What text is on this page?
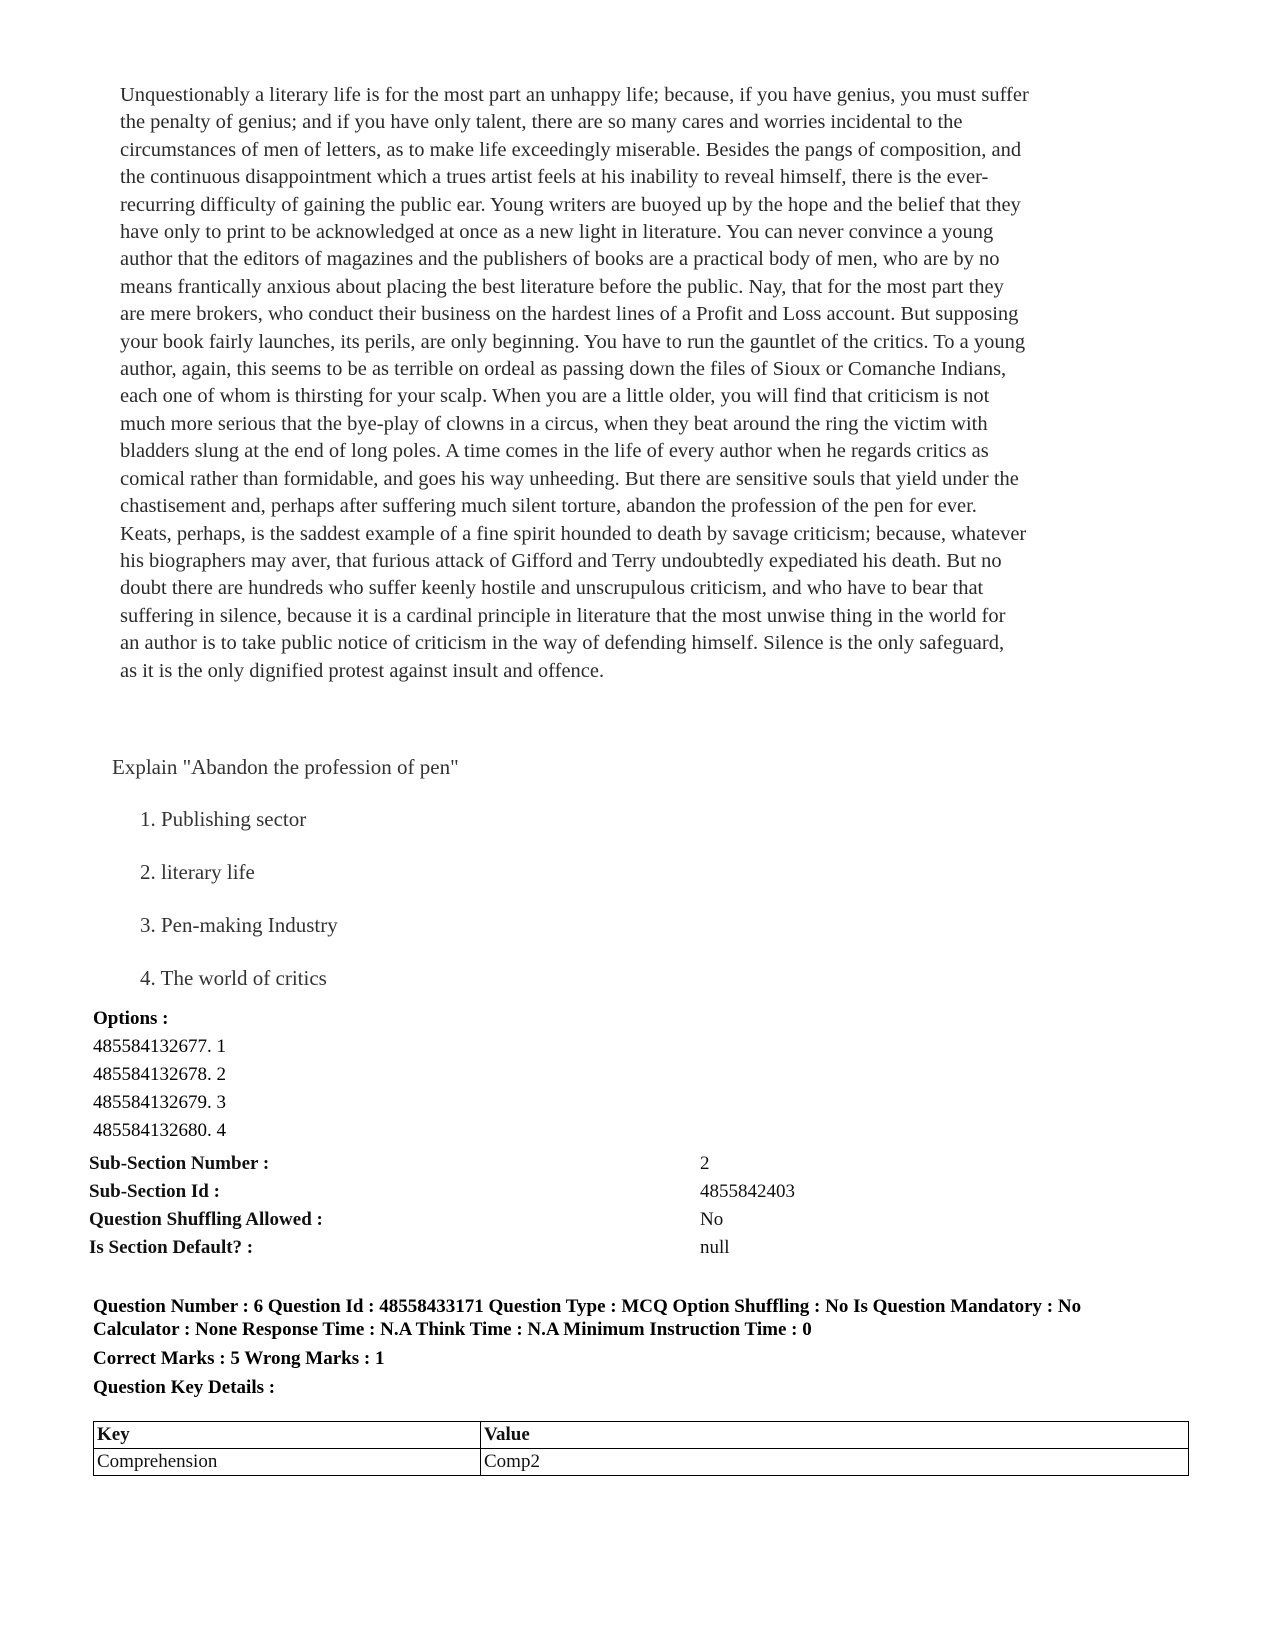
Unquestionably a literary life is for the most part an unhappy life; because, if you have genius, you must suffer
the penalty of genius; and if you have only talent, there are so many cares and worries incidental to the
circumstances of men of letters, as to make life exceedingly miserable. Besides the pangs of composition, and
the continuous disappointment which a trues artist feels at his inability to reveal himself, there is the ever-
recurring difficulty of gaining the public ear. Young writers are buoyed up by the hope and the belief that they
have only to print to be acknowledged at once as a new light in literature. You can never convince a young
author that the editors of magazines and the publishers of books are a practical body of men, who are by no
means frantically anxious about placing the best literature before the public. Nay, that for the most part they
are mere brokers, who conduct their business on the hardest lines of a Profit and Loss account. But supposing
your book fairly launches, its perils, are only beginning. You have to run the gauntlet of the critics. To a young
author, again, this seems to be as terrible on ordeal as passing down the files of Sioux or Comanche Indians,
each one of whom is thirsting for your scalp. When you are a little older, you will find that criticism is not
much more serious that the bye-play of clowns in a circus, when they beat around the ring the victim with
bladders slung at the end of long poles. A time comes in the life of every author when he regards critics as
comical rather than formidable, and goes his way unheeding. But there are sensitive souls that yield under the
chastisement and, perhaps after suffering much silent torture, abandon the profession of the pen for ever.
Keats, perhaps, is the saddest example of a fine spirit hounded to death by savage criticism; because, whatever
his biographers may aver, that furious attack of Gifford and Terry undoubtedly expediated his death. But no
doubt there are hundreds who suffer keenly hostile and unscrupulous criticism, and who have to bear that
suffering in silence, because it is a cardinal principle in literature that the most unwise thing in the world for
an author is to take public notice of criticism in the way of defending himself. Silence is the only safeguard,
as it is the only dignified protest against insult and offence.
Explain "Abandon the profession of pen"
1. Publishing sector
2. literary life
3. Pen-making Industry
4. The world of critics
Options :
485584132677. 1
485584132678. 2
485584132679. 3
485584132680. 4
Sub-Section Number :	2
Sub-Section Id :	4855842403
Question Shuffling Allowed :	No
Is Section Default? :	null
Question Number : 6 Question Id : 48558433171 Question Type : MCQ Option Shuffling : No Is Question Mandatory : No
Calculator : None Response Time : N.A Think Time : N.A Minimum Instruction Time : 0
Correct Marks : 5 Wrong Marks : 1
Question Key Details :
Key	Value
Comprehension	Comp2
